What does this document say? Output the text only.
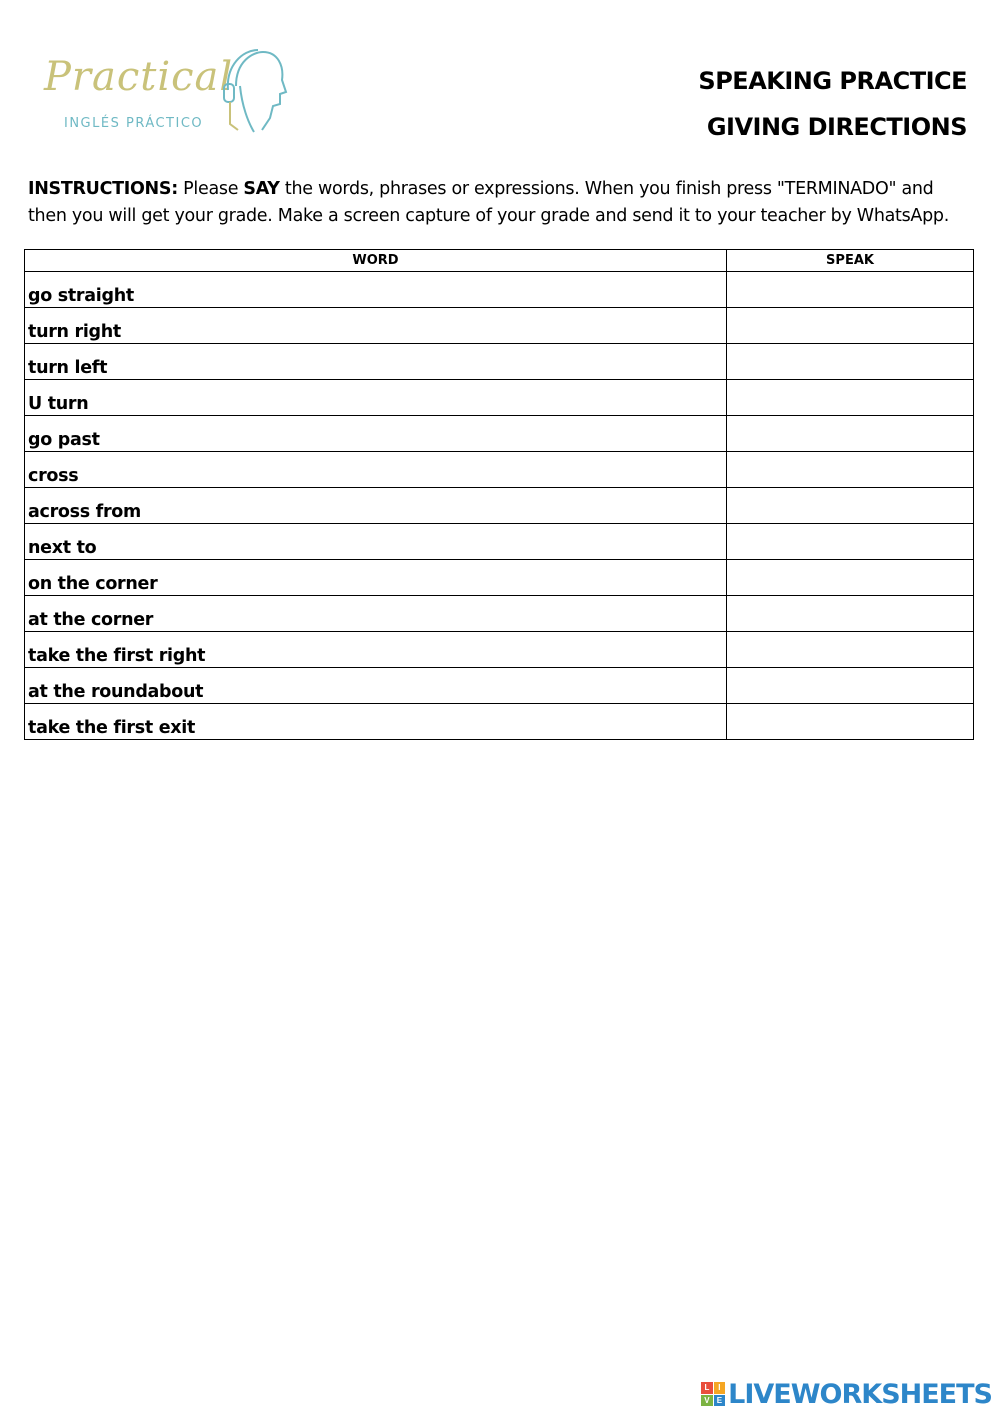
Practical
INGLÉS PRÁCTICO
SPEAKING PRACTICE
GIVING DIRECTIONS
INSTRUCTIONS: Please SAY the words, phrases or expressions. When you finish press "TERMINADO" and then you will get your grade. Make a screen capture of your grade and send it to your teacher by WhatsApp.
WORD	SPEAK
go straight	
turn right	
turn left	
U turn	
go past	
cross	
across from	
next to	
on the corner	
at the corner	
take the first right	
at the roundabout	
take the first exit	
L	I
V E LIVEWORKSHEETS
